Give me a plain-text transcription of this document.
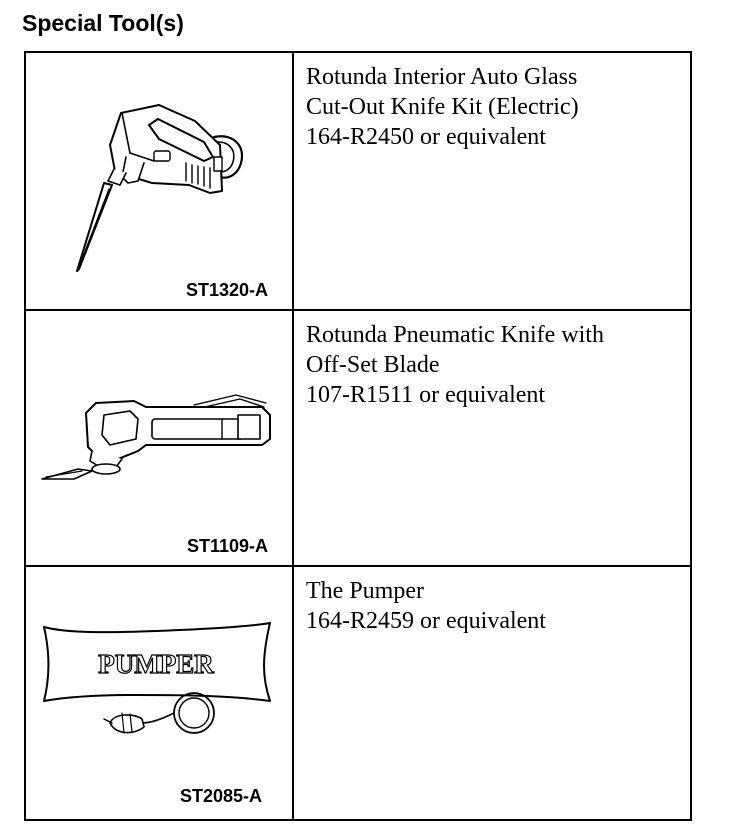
Special Tool(s)
ST1320-A
Rotunda Interior Auto Glass
Cut-Out Knife Kit (Electric)
164-R2450 or equivalent
ST1109-A
Rotunda Pneumatic Knife with
Off-Set Blade
107-R1511 or equivalent
PUMPER
ST2085-A
The Pumper
164-R2459 or equivalent
